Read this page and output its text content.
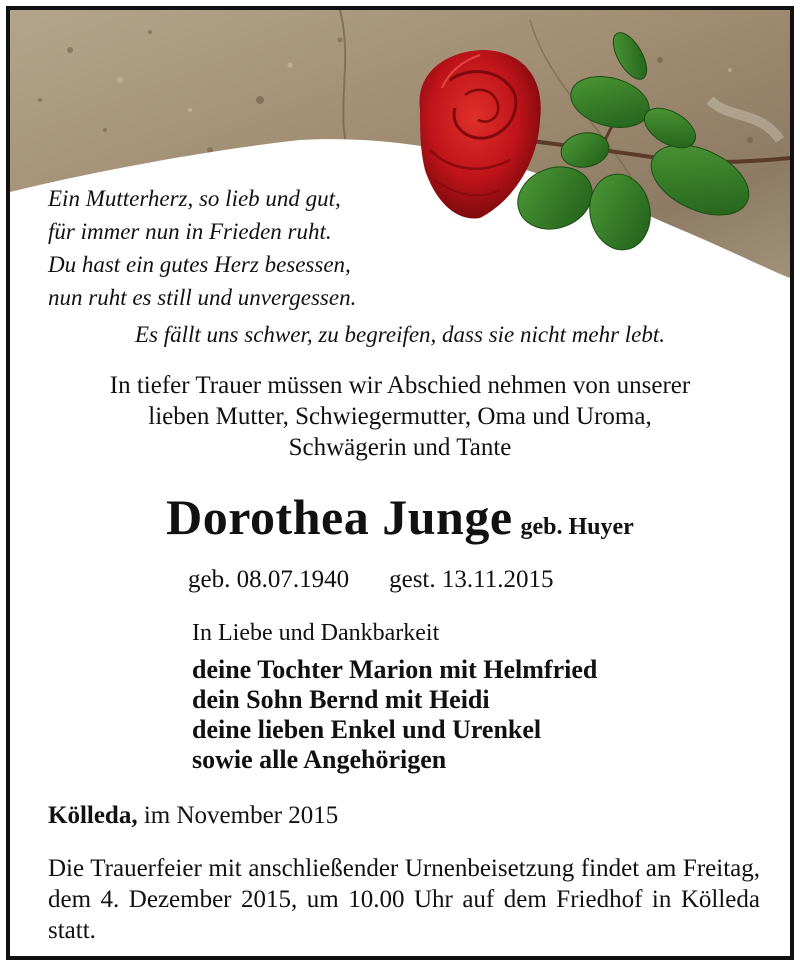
Ein Mutterherz, so lieb und gut,
für immer nun in Frieden ruht.
Du hast ein gutes Herz besessen,
nun ruht es still und unvergessen.
Es fällt uns schwer, zu begreifen, dass sie nicht mehr lebt.
In tiefer Trauer müssen wir Abschied nehmen von unserer
lieben Mutter, Schwiegermutter, Oma und Uroma,
Schwägerin und Tante
Dorothea Junge geb. Huyer
geb. 08.07.1940 gest. 13.11.2015
In Liebe und Dankbarkeit
deine Tochter Marion mit Helmfried
dein Sohn Bernd mit Heidi
deine lieben Enkel und Urenkel
sowie alle Angehörigen
Kölleda, im November 2015
Die Trauerfeier mit anschließender Urnenbeisetzung findet am Freitag, dem 4. Dezember 2015, um 10.00 Uhr auf dem Friedhof in Kölleda statt.
